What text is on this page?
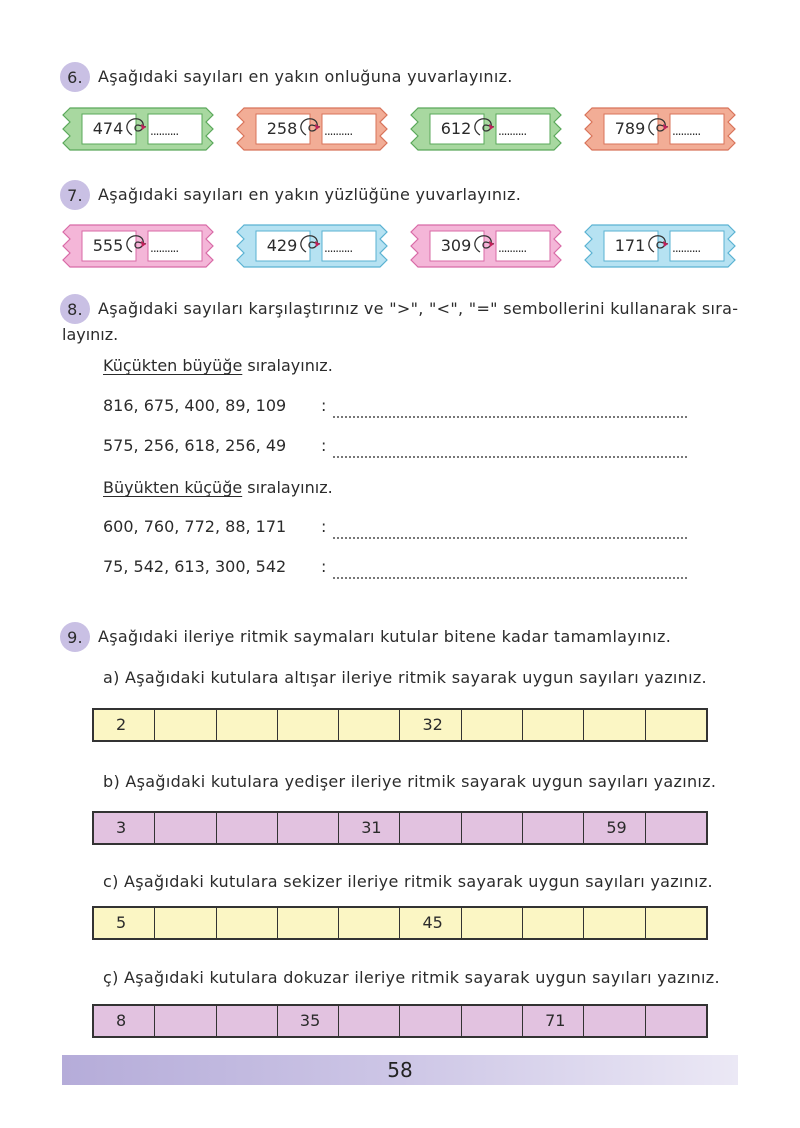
6. Aşağıdaki sayıları en yakın onluğuna yuvarlayınız.
474	..........	258	..........	612	..........	789	..........
7. Aşağıdaki sayıları en yakın yüzlüğüne yuvarlayınız.
555	..........	429	..........	309	..........	171	..........
8. Aşağıdaki sayıları karşılaştırınız ve ">", "<", "=" sembollerini kullanarak sıra-
layınız.
Küçükten büyüğe sıralayınız.
816, 675, 400, 89, 109 :
575, 256, 618, 256, 49 :
Büyükten küçüğe sıralayınız.
600, 760, 772, 88, 171 :
75, 542, 613, 300, 542 :
9. Aşağıdaki ileriye ritmik saymaları kutular bitene kadar tamamlayınız.
a) Aşağıdaki kutulara altışar ileriye ritmik sayarak uygun sayıları yazınız.
2	32
b) Aşağıdaki kutulara yedişer ileriye ritmik sayarak uygun sayıları yazınız.
3	31	59
c) Aşağıdaki kutulara sekizer ileriye ritmik sayarak uygun sayıları yazınız.
5	45
ç) Aşağıdaki kutulara dokuzar ileriye ritmik sayarak uygun sayıları yazınız.
8	35	71
58
